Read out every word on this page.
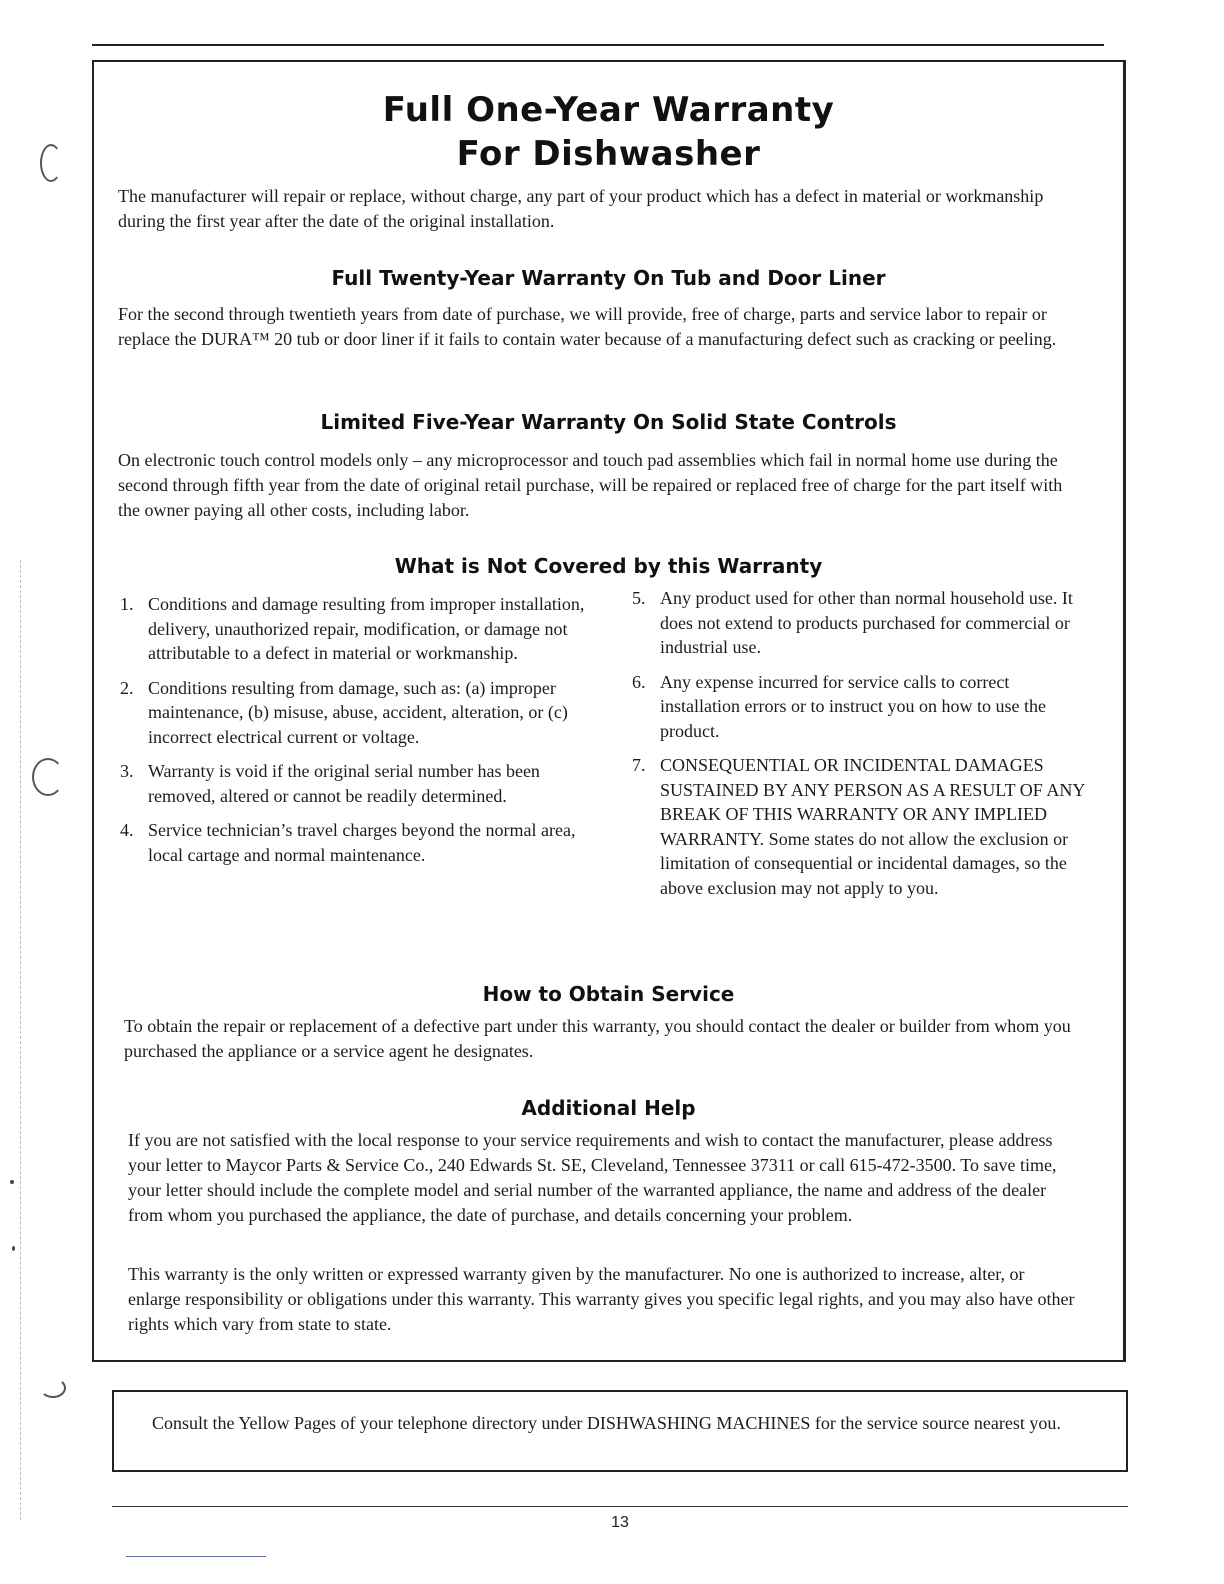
Full One-Year Warranty
For Dishwasher
The manufacturer will repair or replace, without charge, any part of your product which has a defect in material or workmanship during the first year after the date of the original installation.
Full Twenty-Year Warranty On Tub and Door Liner
For the second through twentieth years from date of purchase, we will provide, free of charge, parts and service labor to repair or replace the DURA™ 20 tub or door liner if it fails to contain water because of a manufacturing defect such as cracking or peeling.
Limited Five-Year Warranty On Solid State Controls
On electronic touch control models only – any microprocessor and touch pad assemblies which fail in normal home use during the second through fifth year from the date of original retail purchase, will be repaired or replaced free of charge for the part itself with the owner paying all other costs, including labor.
What is Not Covered by this Warranty
1. Conditions and damage resulting from improper installation, delivery, unauthorized repair, modification, or damage not attributable to a defect in material or workmanship.
2. Conditions resulting from damage, such as: (a) improper maintenance, (b) misuse, abuse, accident, alteration, or (c) incorrect electrical current or voltage.
3. Warranty is void if the original serial number has been removed, altered or cannot be readily determined.
4. Service technician’s travel charges beyond the normal area, local cartage and normal maintenance.
5. Any product used for other than normal household use. It does not extend to products purchased for commercial or industrial use.
6. Any expense incurred for service calls to correct installation errors or to instruct you on how to use the product.
7. CONSEQUENTIAL OR INCIDENTAL DAMAGES SUSTAINED BY ANY PERSON AS A RESULT OF ANY BREAK OF THIS WARRANTY OR ANY IMPLIED WARRANTY. Some states do not allow the exclusion or limitation of consequential or incidental damages, so the above exclusion may not apply to you.
How to Obtain Service
To obtain the repair or replacement of a defective part under this warranty, you should contact the dealer or builder from whom you purchased the appliance or a service agent he designates.
Additional Help
If you are not satisfied with the local response to your service requirements and wish to contact the manufacturer, please address your letter to Maycor Parts & Service Co., 240 Edwards St. SE, Cleveland, Tennessee 37311 or call 615-472-3500. To save time, your letter should include the complete model and serial number of the warranted appliance, the name and address of the dealer from whom you purchased the appliance, the date of purchase, and details concerning your problem.
This warranty is the only written or expressed warranty given by the manufacturer. No one is authorized to increase, alter, or enlarge responsibility or obligations under this warranty. This warranty gives you specific legal rights, and you may also have other rights which vary from state to state.
Consult the Yellow Pages of your telephone directory under DISHWASHING MACHINES for the service source nearest you.
13
